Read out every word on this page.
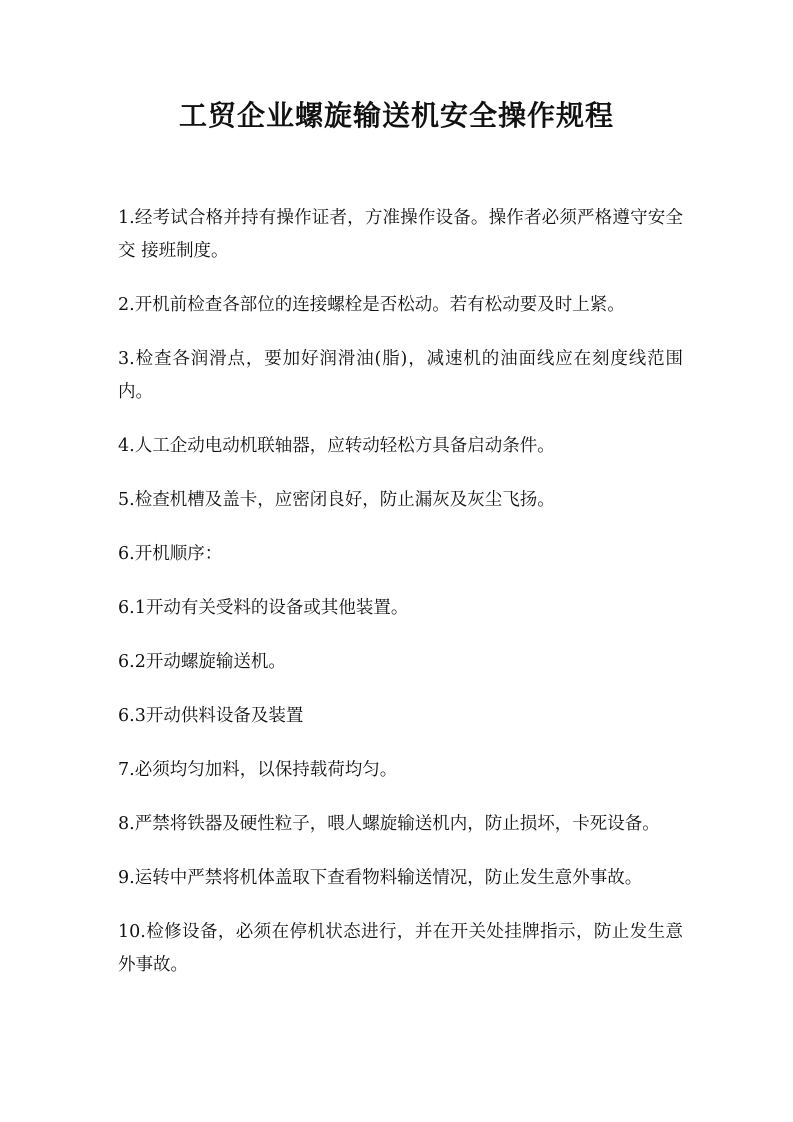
工贸企业螺旋输送机安全操作规程

1.经考试合格并持有操作证者，方准操作设备。操作者必须严格遵守安全交 接班制度。

2.开机前检查各部位的连接螺栓是否松动。若有松动要及时上紧。

3.检查各润滑点，要加好润滑油(脂)，减速机的油面线应在刻度线范围内。

4.人工企动电动机联轴器，应转动轻松方具备启动条件。

5.检查机槽及盖卡，应密闭良好，防止漏灰及灰尘飞扬。

6.开机顺序：

6.1开动有关受料的设备或其他装置。

6.2开动螺旋输送机。

6.3开动供料设备及装置

7.必须均匀加料，以保持载荷均匀。

8.严禁将铁器及硬性粒子，喂人螺旋输送机内，防止损坏，卡死设备。

9.运转中严禁将机体盖取下查看物料输送情况，防止发生意外事故。

10.检修设备，必须在停机状态进行，并在开关处挂牌指示，防止发生意外事故。
